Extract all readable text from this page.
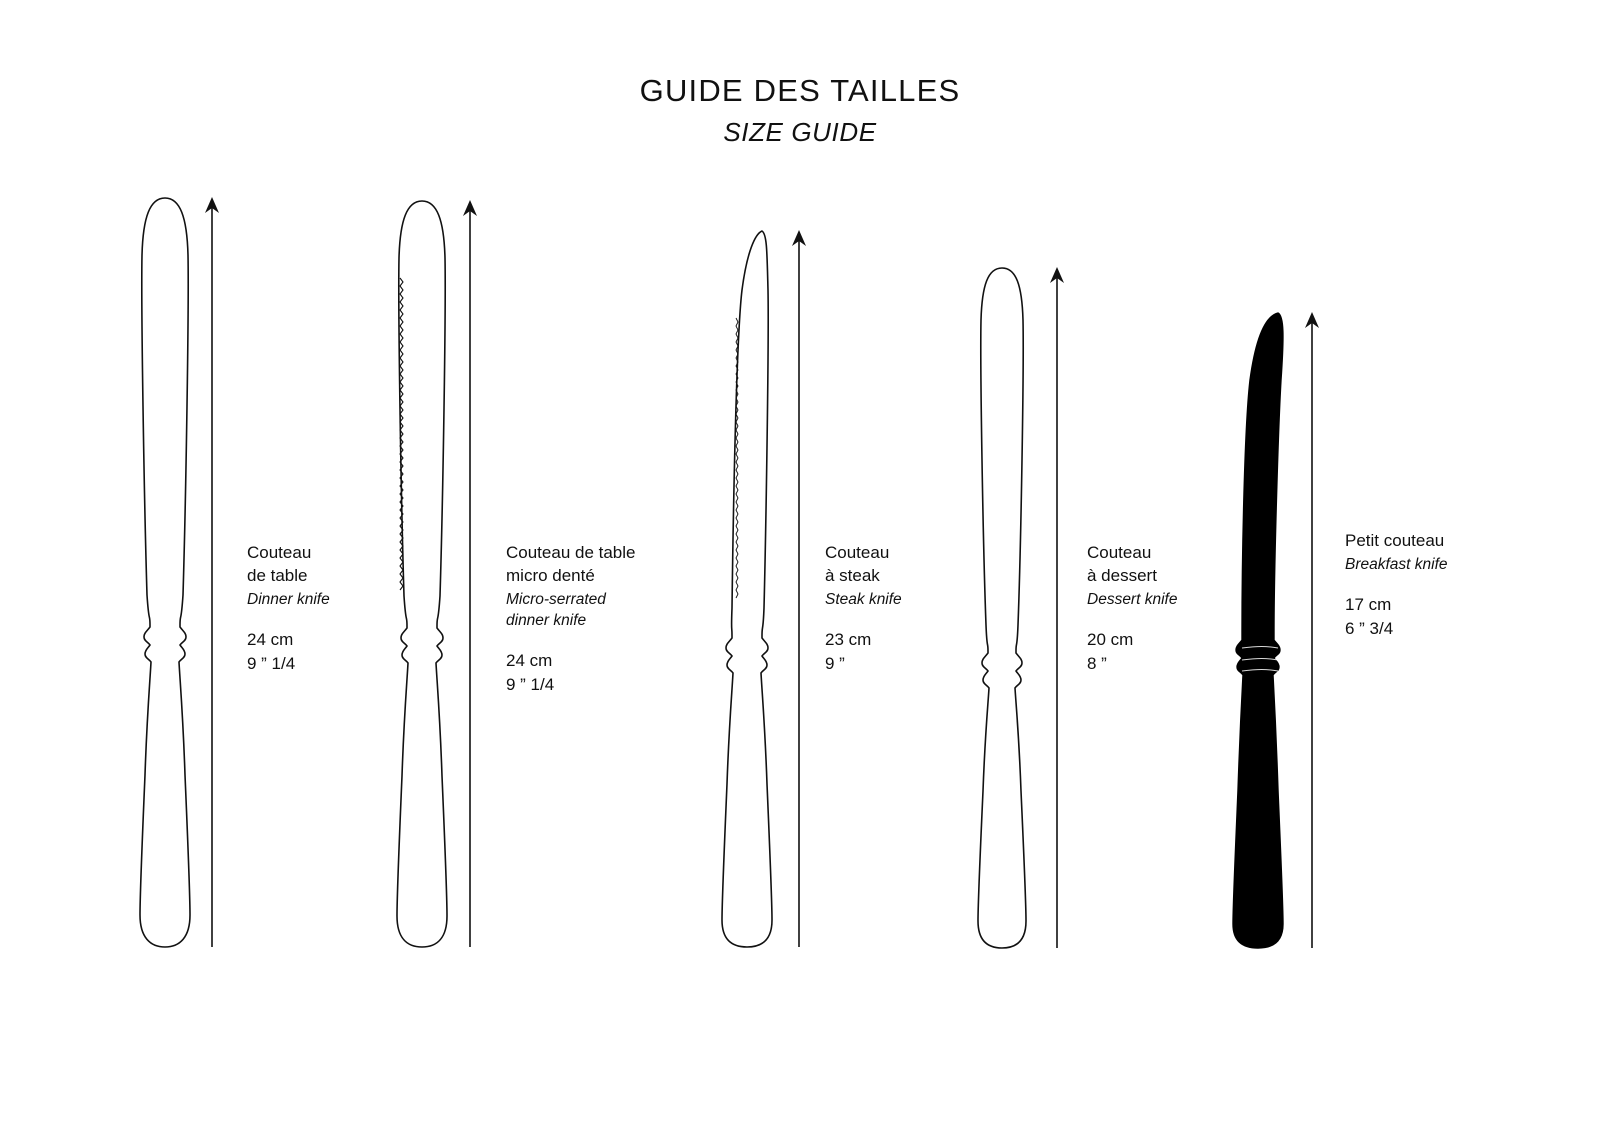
GUIDE DES TAILLES
SIZE GUIDE
Couteau
de table
Dinner knife
24 cm
9 ” 1/4
Couteau de table
micro denté
Micro-serrated
dinner knife
24 cm
9 ” 1/4
Couteau
à steak
Steak knife
23 cm
9 ”
Couteau
à dessert
Dessert knife
20 cm
8 ”
Petit couteau
Breakfast knife
17 cm
6 ” 3/4
